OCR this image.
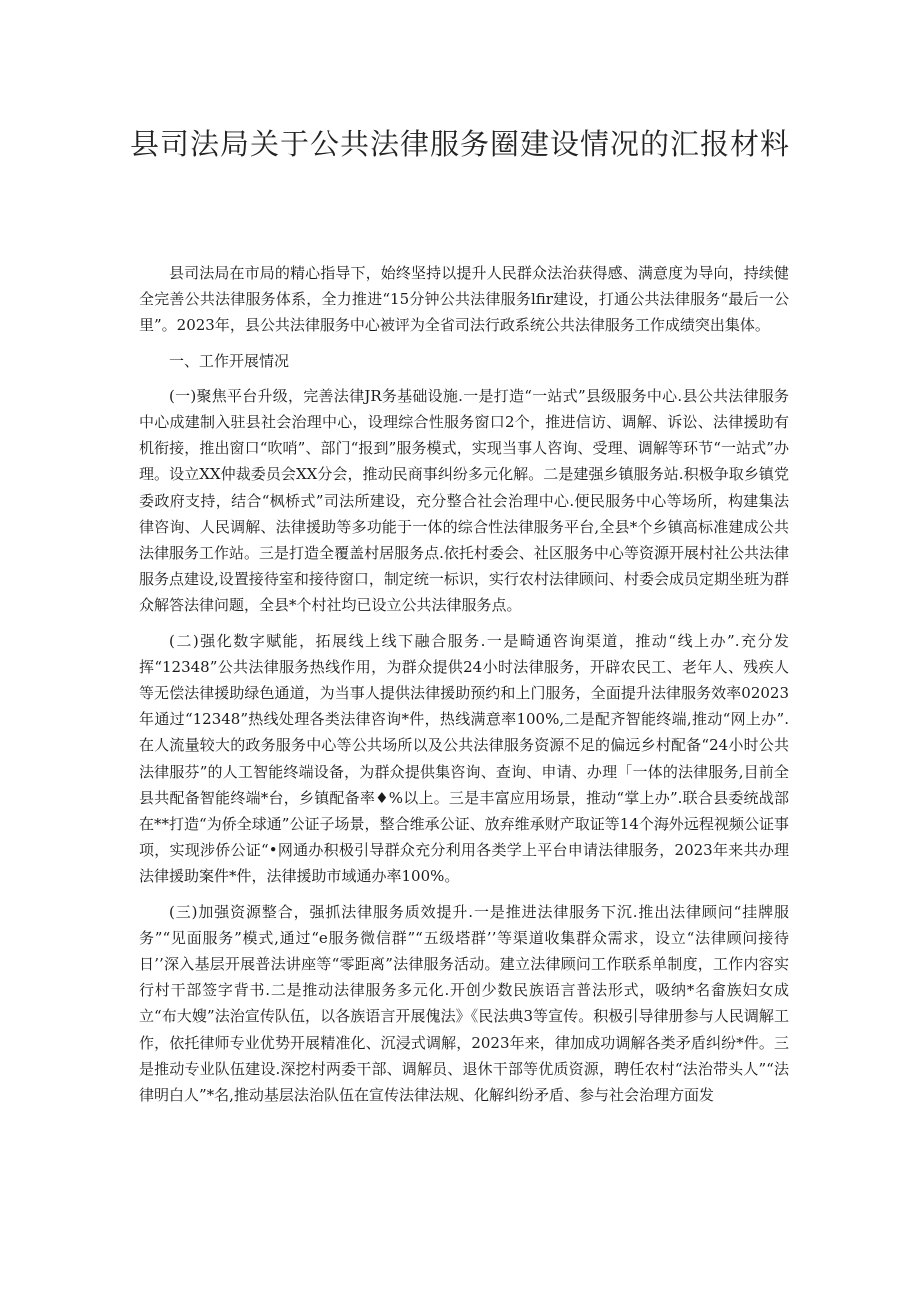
县司法局关于公共法律服务圈建设情况的汇报材料

县司法局在市局的精心指导下，始终坚持以提升人民群众法治获得感、满意度为导向，持续健全完善公共法律服务体系，全力推进“15分钟公共法律服务lfir建设，打通公共法律服务“最后一公里”。2023年，县公共法律服务中心被评为全省司法行政系统公共法律服务工作成绩突出集体。

一、工作开展情况

(一)聚焦平台升级，完善法律JR务基础设施.一是打造“一站式”县级服务中心.县公共法律服务中心成建制入驻县社会治理中心，设理综合性服务窗口2个，推进信访、调解、诉讼、法律援助有机衔接，推出窗口“吹哨”、部门“报到”服务模式，实现当事人咨询、受理、调解等环节“一站式”办理。设立XX仲裁委员会XX分会，推动民商事纠纷多元化解。二是建强乡镇服务站.积极争取乡镇党委政府支持，结合“枫桥式”司法所建设，充分整合社会治理中心.便民服务中心等场所，构建集法律咨询、人民调解、法律援助等多功能于一体的综合性法律服务平台,全县*个乡镇高标准建成公共法律服务工作站。三是打造全覆盖村居服务点.依托村委会、社区服务中心等资源开展村社公共法律服务点建设,设置接待室和接待窗口，制定统一标识，实行农村法律顾问、村委会成员定期坐班为群众解答法律问题，全县*个村社均已设立公共法律服务点。

(二)强化数字赋能，拓展线上线下融合服务.一是畸通咨询渠道，推动“线上办”.充分发挥“12348”公共法律服务热线作用，为群众提供24小时法律服务，开辟农民工、老年人、残疾人等无偿法律援助绿色通道，为当事人提供法律援助预约和上门服务，全面提升法律服务效率02023年通过“12348”热线处理各类法律咨询*件，热线满意率100%,二是配齐智能终端,推动“网上办”.在人流量较大的政务服务中心等公共场所以及公共法律服务资源不足的偏远乡村配备“24小时公共法律服芬”的人工智能终端设备，为群众提供集咨询、查询、申请、办理「一体的法律服务,目前全县共配备智能终端*台，乡镇配备率♦%以上。三是丰富应用场景，推动“掌上办”.联合县委统战部在**打造“为侨全球通”公证子场景，整合维承公证、放弃维承财产取证等14个海外远程视频公证事项，实现涉侨公证“•网通办积极引导群众充分利用各类学上平台申请法律服务，2023年来共办理法律援助案件*件，法律援助市域通办率100%。

(三)加强资源整合，强抓法律服务质效提升.一是推进法律服务下沉.推出法律顾问“挂牌服务”“见面服务”模式,通过“e服务微信群”“五级塔群’’等渠道收集群众需求，设立“法律顾问接待日’’深入基层开展普法讲座等“零距离”法律服务活动。建立法律顾问工作联系单制度，工作内容实行村干部签字背书.二是推动法律服务多元化.开创少数民族语言普法形式，吸纳*名畲族妇女成立“布大嫂”法治宣传队伍，以各族语言开展傀法》《民法典3等宣传。积极引导律册参与人民调解工作，依托律师专业优势开展精准化、沉浸式调解，2023年来，律加成功调解各类矛盾纠纷*件。三是推动专业队伍建设.深挖村两委干部、调解员、退休干部等优质资源，聘任农村“法治带头人”“法律明白人”*名,推动基层法治队伍在宣传法律法规、化解纠纷矛盾、参与社会治理方面发
